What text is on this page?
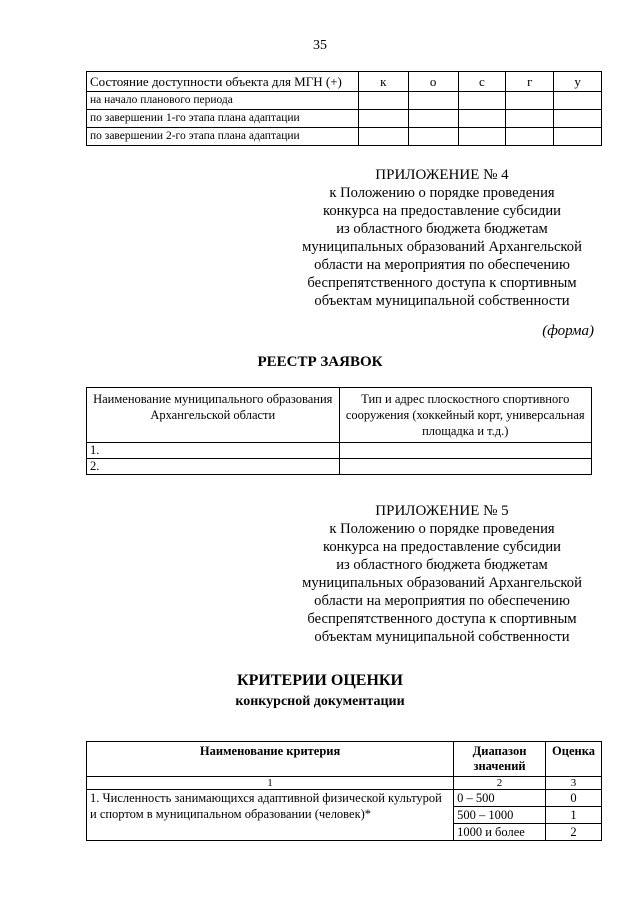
35
Состояние доступности объекта для МГН (+)	к	о	с	г	у
на начало планового периода					
по завершении 1-го этапа плана адаптации					
по завершении 2-го этапа плана адаптации					
ПРИЛОЖЕНИЕ № 4
к Положению о порядке проведения
конкурса на предоставление субсидии
из областного бюджета бюджетам
муниципальных образований Архангельской
области на мероприятия по обеспечению
беспрепятственного доступа к спортивным
объектам муниципальной собственности
(форма)
РЕЕСТР ЗАЯВОК
Наименование муниципального образования Архангельской области	Тип и адрес плоскостного спортивного сооружения (хоккейный корт, универсальная площадка и т.д.)
1.	
2.	
ПРИЛОЖЕНИЕ № 5
к Положению о порядке проведения
конкурса на предоставление субсидии
из областного бюджета бюджетам
муниципальных образований Архангельской
области на мероприятия по обеспечению
беспрепятственного доступа к спортивным
объектам муниципальной собственности
КРИТЕРИИ ОЦЕНКИ
конкурсной документации
Наименование критерия	Диапазон значений	Оценка
1	2	3
1. Численность занимающихся адаптивной физической культурой и спортом в муниципальном образовании (человек)*	0 – 500	0
	500 – 1000	1
	1000 и более	2
